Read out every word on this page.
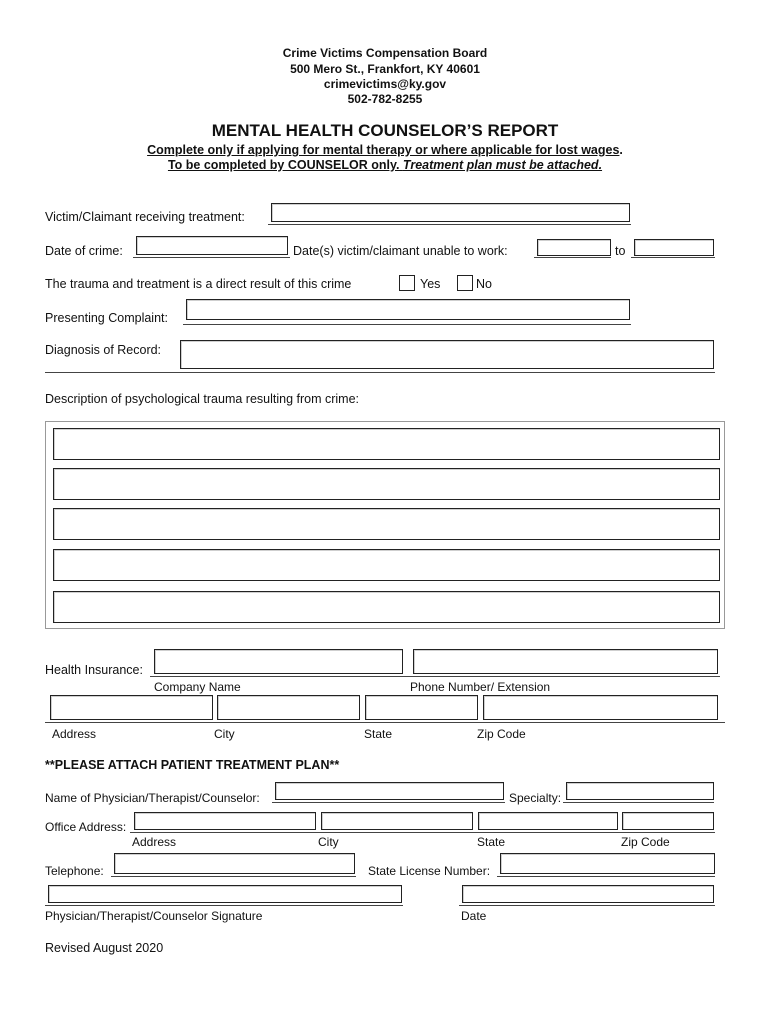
Crime Victims Compensation Board
500 Mero St., Frankfort, KY 40601
crimevictims@ky.gov
502-782-8255
MENTAL HEALTH COUNSELOR’S REPORT
Complete only if applying for mental therapy or where applicable for lost wages.
To be completed by COUNSELOR only. Treatment plan must be attached.
Victim/Claimant receiving treatment:
Date of crime:	Date(s) victim/claimant unable to work:	to
The trauma and treatment is a direct result of this crime	Yes	No
Presenting Complaint:
Diagnosis of Record:
Description of psychological trauma resulting from crime:
Health Insurance:
Company Name	Phone Number/ Extension
Address	City	State	Zip Code
**PLEASE ATTACH PATIENT TREATMENT PLAN**
Name of Physician/Therapist/Counselor:	Specialty:
Office Address:
Address	City	State	Zip Code
Telephone:	State License Number:
Physician/Therapist/Counselor Signature	Date
Revised August 2020
